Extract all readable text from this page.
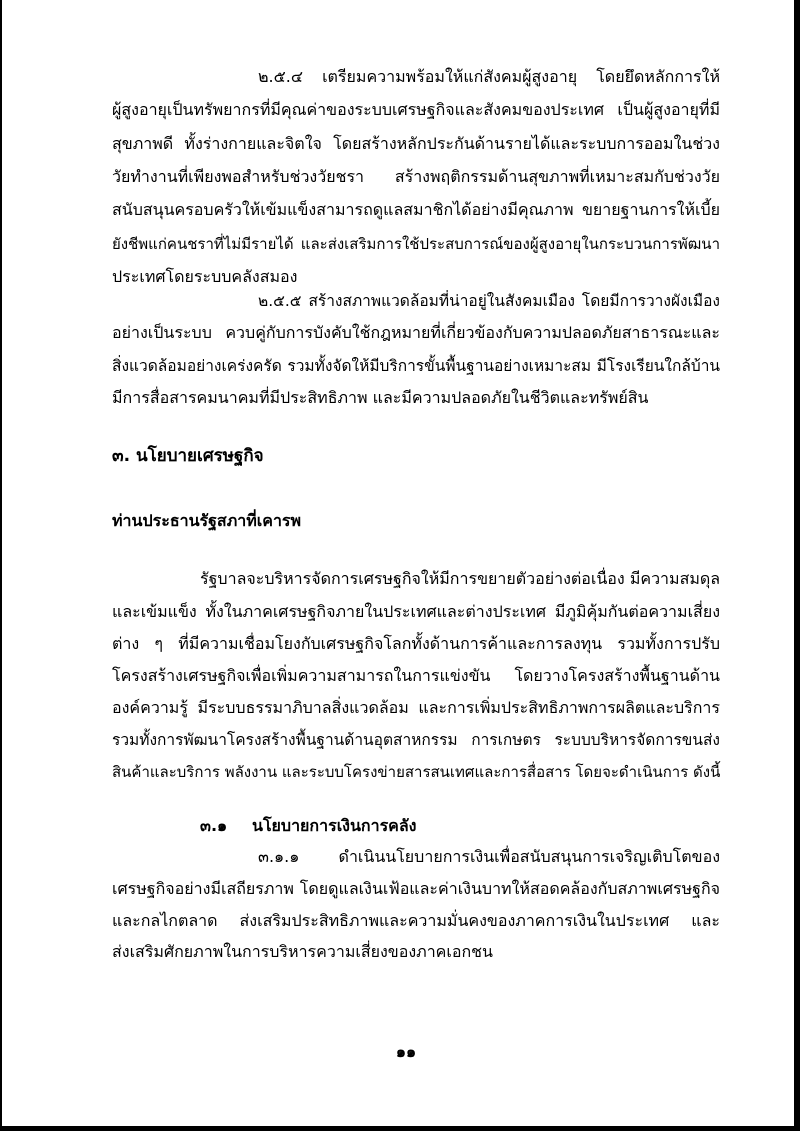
๒.๕.๔ เตรียมความพร้อมให้แก่สังคมผู้สูงอายุ โดยยึดหลักการให้

ผู้สูงอายุเป็นทรัพยากรที่มีคุณค่าของระบบเศรษฐกิจและสังคมของประเทศ เป็นผู้สูงอายุที่มี

สุขภาพดี ทั้งร่างกายและจิตใจ โดยสร้างหลักประกันด้านรายได้และระบบการออมในช่วง

วัยทำงานที่เพียงพอสำหรับช่วงวัยชรา สร้างพฤติกรรมด้านสุขภาพที่เหมาะสมกับช่วงวัย

สนับสนุนครอบครัวให้เข้มแข็งสามารถดูแลสมาชิกได้อย่างมีคุณภาพ ขยายฐานการให้เบี้ย

ยังชีพแก่คนชราที่ไม่มีรายได้ และส่งเสริมการใช้ประสบการณ์ของผู้สูงอายุในกระบวนการพัฒนา

ประเทศโดยระบบคลังสมอง

๒.๕.๕ สร้างสภาพแวดล้อมที่น่าอยู่ในสังคมเมือง โดยมีการวางผังเมือง

อย่างเป็นระบบ ควบคู่กับการบังคับใช้กฎหมายที่เกี่ยวข้องกับความปลอดภัยสาธารณะและ

สิ่งแวดล้อมอย่างเคร่งครัด รวมทั้งจัดให้มีบริการขั้นพื้นฐานอย่างเหมาะสม มีโรงเรียนใกล้บ้าน

มีการสื่อสารคมนาคมที่มีประสิทธิภาพ และมีความปลอดภัยในชีวิตและทรัพย์สิน

๓. นโยบายเศรษฐกิจ

ท่านประธานรัฐสภาที่เคารพ

รัฐบาลจะบริหารจัดการเศรษฐกิจให้มีการขยายตัวอย่างต่อเนื่อง มีความสมดุล

และเข้มแข็ง ทั้งในภาคเศรษฐกิจภายในประเทศและต่างประเทศ มีภูมิคุ้มกันต่อความเสี่ยง

ต่าง ๆ ที่มีความเชื่อมโยงกับเศรษฐกิจโลกทั้งด้านการค้าและการลงทุน รวมทั้งการปรับ

โครงสร้างเศรษฐกิจเพื่อเพิ่มความสามารถในการแข่งขัน โดยวางโครงสร้างพื้นฐานด้าน

องค์ความรู้ มีระบบธรรมาภิบาลสิ่งแวดล้อม และการเพิ่มประสิทธิภาพการผลิตและบริการ

รวมทั้งการพัฒนาโครงสร้างพื้นฐานด้านอุตสาหกรรม การเกษตร ระบบบริหารจัดการขนส่ง

สินค้าและบริการ พลังงาน และระบบโครงข่ายสารสนเทศและการสื่อสาร โดยจะดำเนินการ ดังนี้

๓.๑ นโยบายการเงินการคลัง

๓.๑.๑ ดำเนินนโยบายการเงินเพื่อสนับสนุนการเจริญเติบโตของ

เศรษฐกิจอย่างมีเสถียรภาพ โดยดูแลเงินเฟ้อและค่าเงินบาทให้สอดคล้องกับสภาพเศรษฐกิจ

และกลไกตลาด ส่งเสริมประสิทธิภาพและความมั่นคงของภาคการเงินในประเทศ และ

ส่งเสริมศักยภาพในการบริหารความเสี่ยงของภาคเอกชน

๑๑
